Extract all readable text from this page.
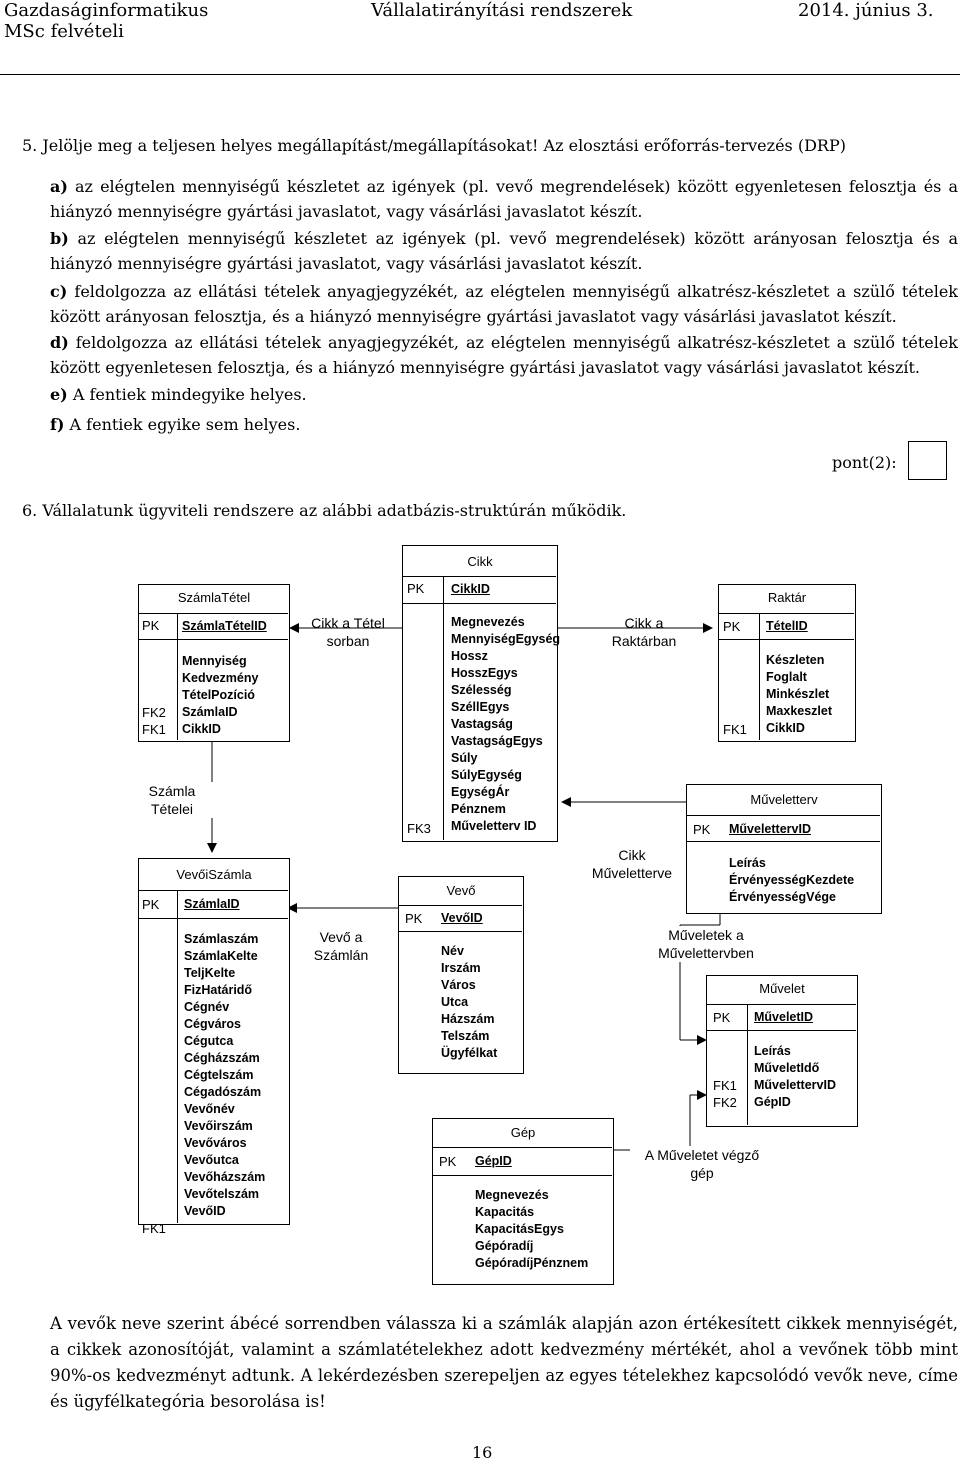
Gazdaságinformatikus
MSc felvételi
Vállalatirányítási rendszerek	2014. június 3.
5. Jelölje meg a teljesen helyes megállapítást/megállapításokat! Az elosztási erőforrás-tervezés (DRP)
a) az elégtelen mennyiségű készletet az igények (pl. vevő megrendelések) között egyenletesen felosztja és a hiányzó mennyiségre gyártási javaslatot, vagy vásárlási javaslatot készít.
b) az elégtelen mennyiségű készletet az igények (pl. vevő megrendelések) között arányosan felosztja és a hiányzó mennyiségre gyártási javaslatot, vagy vásárlási javaslatot készít.
c) feldolgozza az ellátási tételek anyagjegyzékét, az elégtelen mennyiségű alkatrész-készletet a szülő tételek között arányosan felosztja, és a hiányzó mennyiségre gyártási javaslatot vagy vásárlási javaslatot készít.
d) feldolgozza az ellátási tételek anyagjegyzékét, az elégtelen mennyiségű alkatrész-készletet a szülő tételek között egyenletesen felosztja, és a hiányzó mennyiségre gyártási javaslatot vagy vásárlási javaslatot készít.
e) A fentiek mindegyike helyes.
f) A fentiek egyike sem helyes.
pont(2):
6. Vállalatunk ügyviteli rendszere az alábbi adatbázis-struktúrán működik.
SzámlaTétel
PK SzámlaTételID

FK2
FK1
Mennyiség
Kedvezmény
TételPozíció
SzámlaID
CikkID
Cikk
PK CikkID

FK3
Megnevezés
MennyiségEgység
Hossz
HosszEgys
Szélesség
SzéllEgys
Vastagság
VastagságEgys
Súly
SúlyEgység
EgységÁr
Pénznem
Műveletterv ID
Raktár
PK TételID

FK1
Készleten
Foglalt
Minkészlet
Maxkeszlet
CikkID
Műveletterv
PK MűvelettervID
Leírás
ÉrvényességKezdete
ÉrvényességVége
VevőiSzámla
PK SzámlaID

FK1
Számlaszám
SzámlaKelte
TeljKelte
FizHatáridő
Cégnév
Cégváros
Cégutca
Cégházszám
Cégtelszám
Cégadószám
Vevőnév
Vevőirszám
Vevőváros
Vevőutca
Vevőházszám
Vevőtelszám
VevőID
Vevő
PK VevőID
Név
Irszám
Város
Utca
Házszám
Telszám
Ügyfélkat
Gép
PK GépID
Megnevezés
Kapacitás
KapacitásEgys
Gépóradíj
GépóradíjPénznem
Művelet
PK MűveletID

FK1
FK2
Leírás
MűveletIdő
MűvelettervID
GépID
Számla
Tételei
Cikk a Tétel
sorban
Cikk a
Raktárban
Cikk
Műveletterve
Műveletek a
Művelettervben
Vevő a
Számlán
A Műveletet végző
gép
A vevők neve szerint ábécé sorrendben válassza ki a számlák alapján azon értékesített cikkek mennyiségét, a cikkek azonosítóját, valamint a számlatételekhez adott kedvezmény mértékét, ahol a vevőnek több mint 90%-os kedvezményt adtunk. A lekérdezésben szerepeljen az egyes tételekhez kapcsolódó vevők neve, címe és ügyfélkategória besorolása is!
16
